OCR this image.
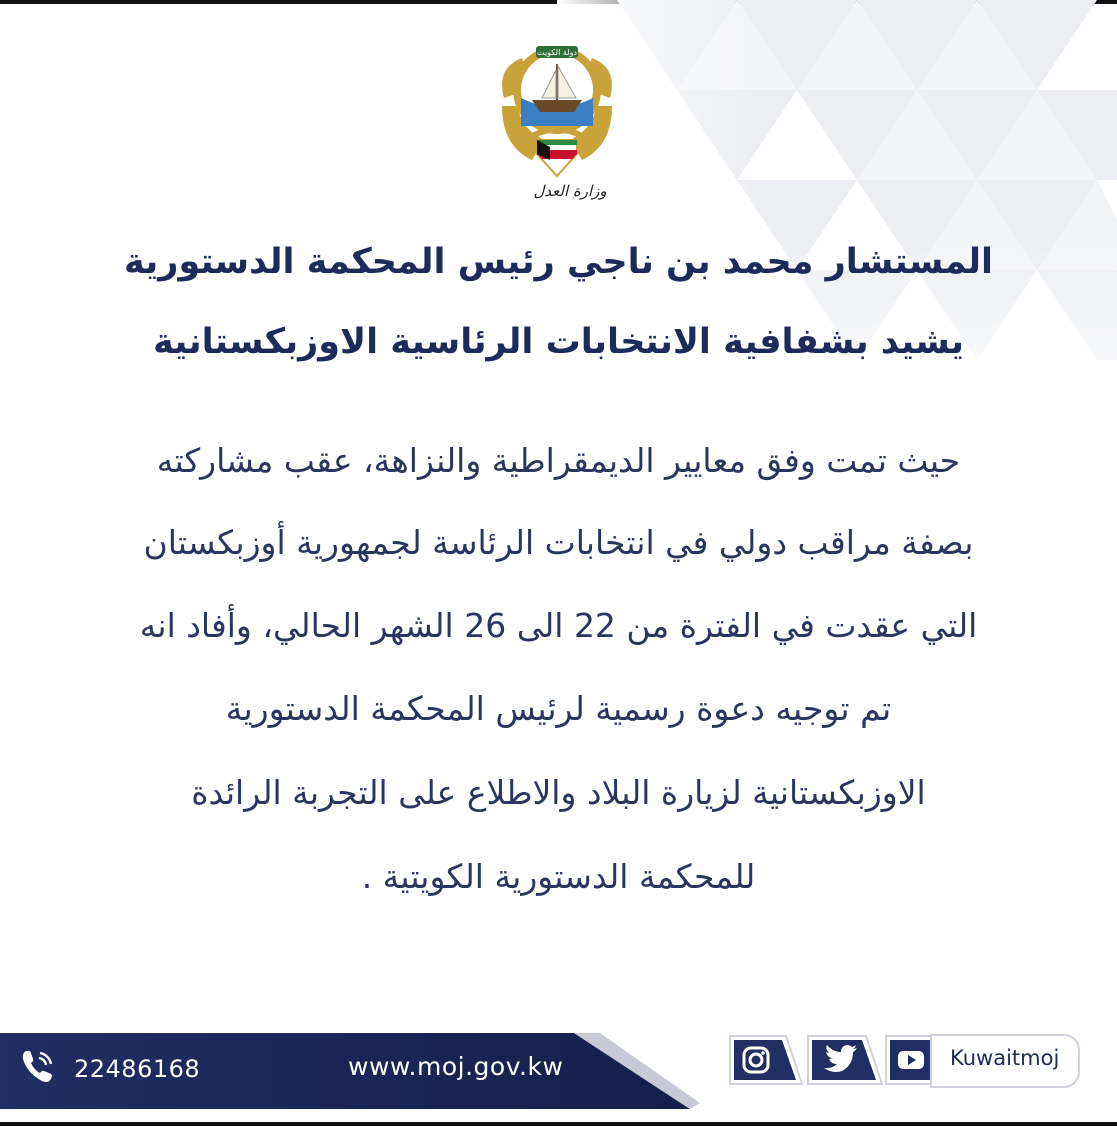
دولة الكويت
وزارة العدل
المستشار محمد بن ناجي رئيس المحكمة الدستورية
يشيد بشفافية الانتخابات الرئاسية الاوزبكستانية
حيث تمت وفق معايير الديمقراطية والنزاهة، عقب مشاركته
بصفة مراقب دولي في انتخابات الرئاسة لجمهورية أوزبكستان
التي عقدت في الفترة من 22 الى 26 الشهر الحالي، وأفاد انه
تم توجيه دعوة رسمية لرئيس المحكمة الدستورية
الاوزبكستانية لزيارة البلاد والاطلاع على التجربة الرائدة
للمحكمة الدستورية الكويتية .
22486168	www.moj.gov.kw	Kuwaitmoj
